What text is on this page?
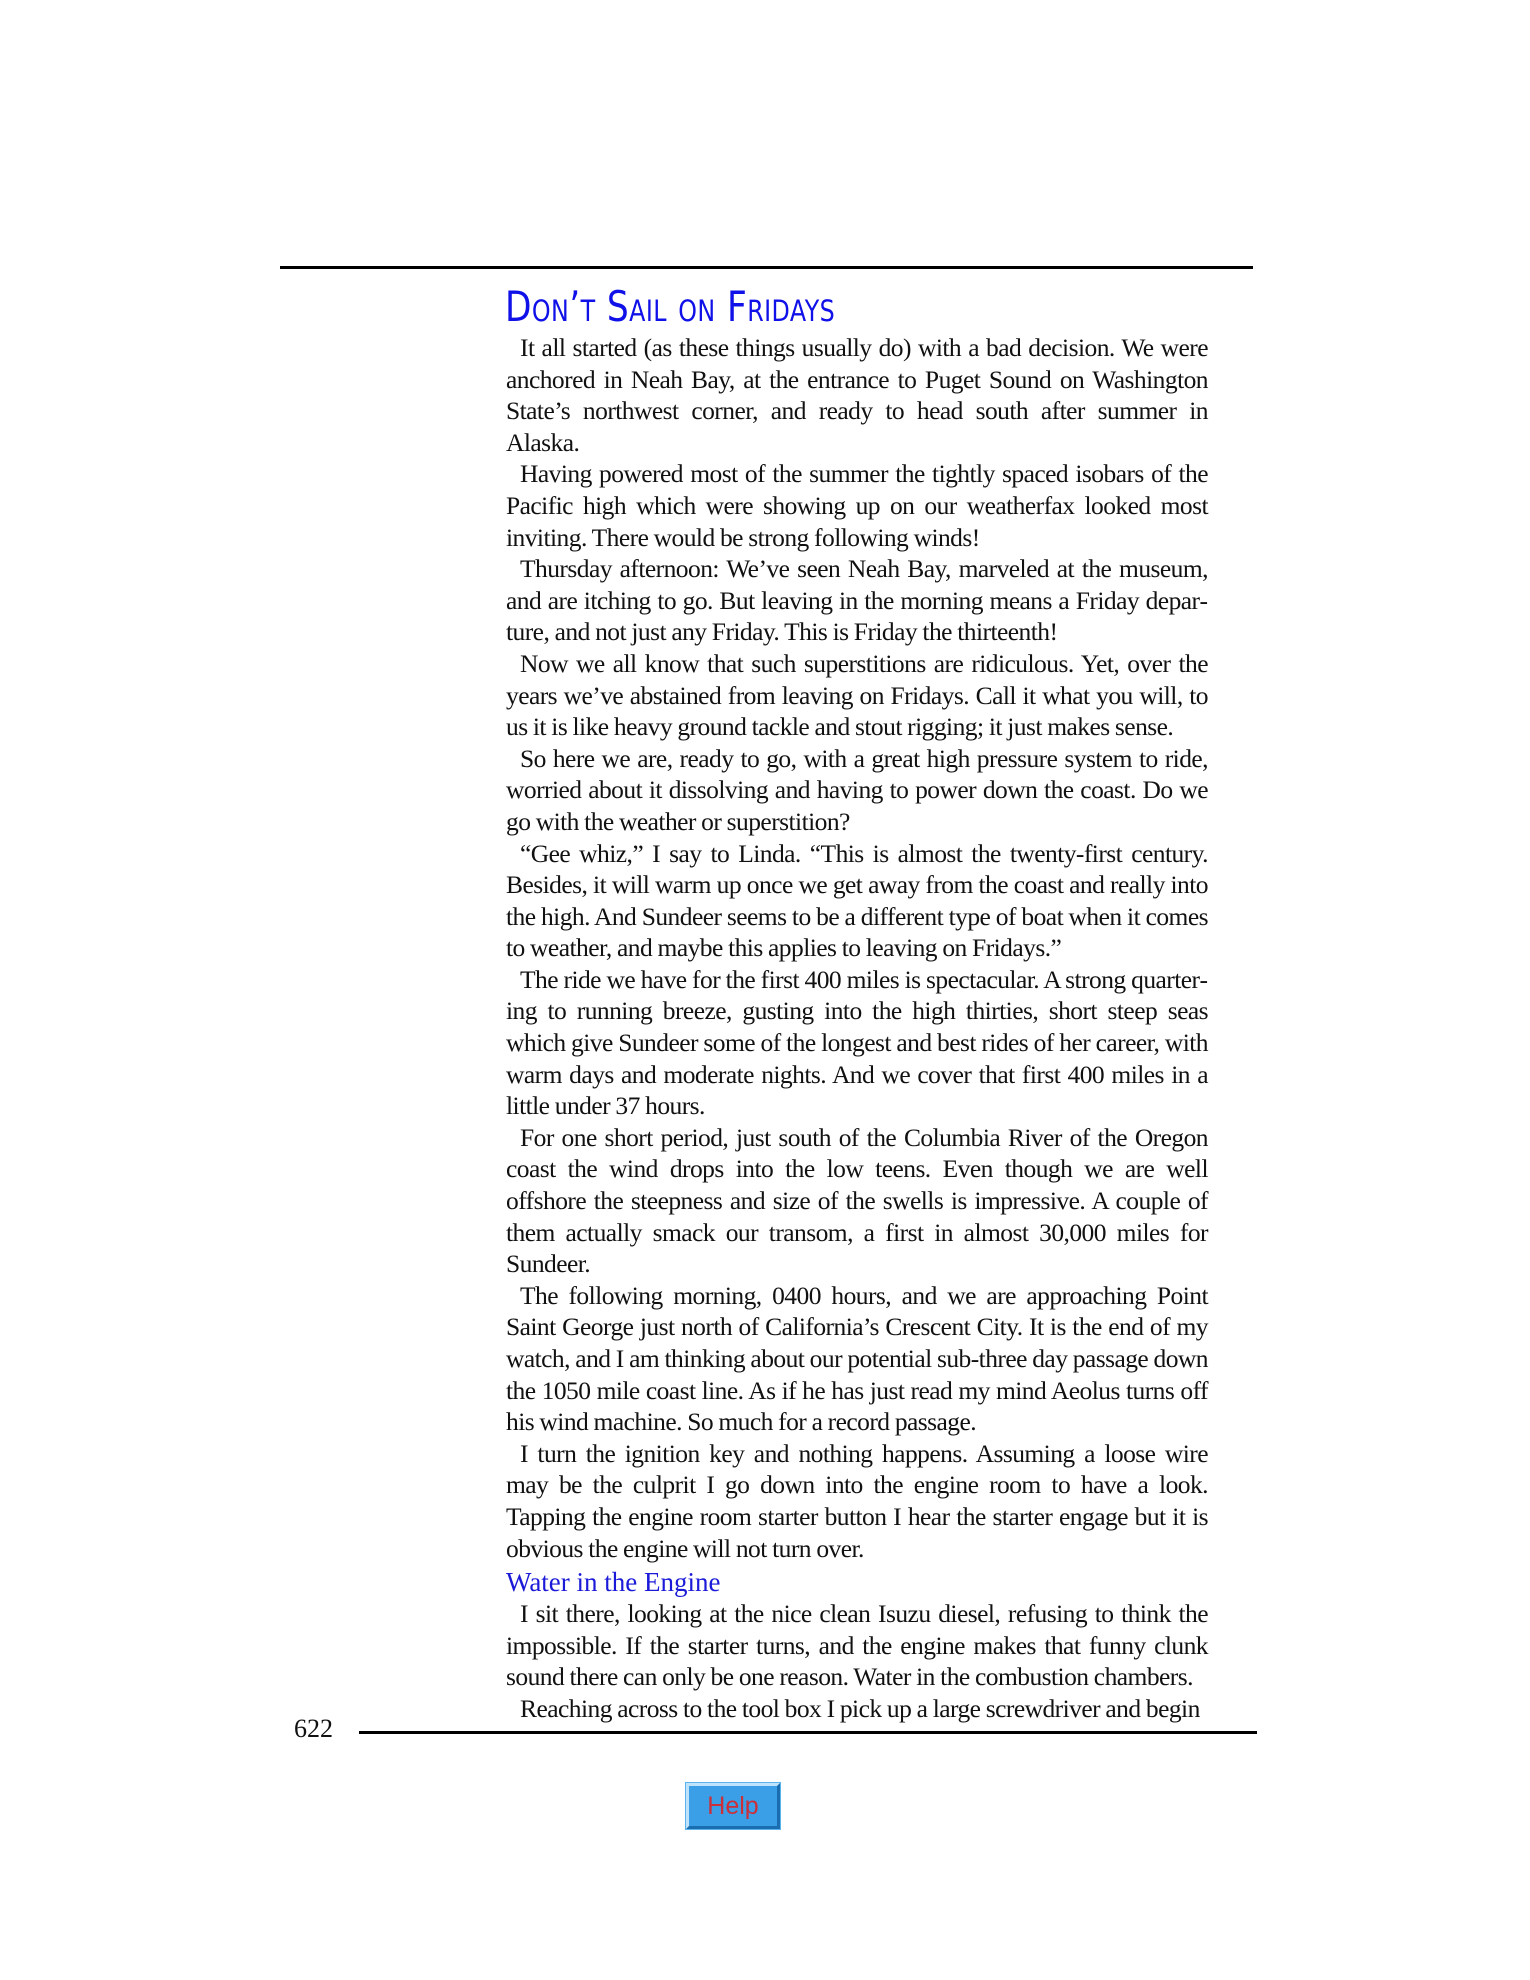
Don’t Sail on Fridays

It all started (as these things usually do) with a bad decision. We were anchored in Neah Bay, at the entrance to Puget Sound on Washington State’s northwest corner, and ready to head south after summer in Alaska.

Having powered most of the summer the tightly spaced isobars of the Pacific high which were showing up on our weatherfax looked most inviting. There would be strong following winds!

Thursday afternoon: We’ve seen Neah Bay, marveled at the museum, and are itching to go. But leaving in the morning means a Friday departure, and not just any Friday. This is Friday the thirteenth!

Now we all know that such superstitions are ridiculous. Yet, over the years we’ve abstained from leaving on Fridays. Call it what you will, to us it is like heavy ground tackle and stout rigging; it just makes sense.

So here we are, ready to go, with a great high pressure system to ride, worried about it dissolving and having to power down the coast. Do we go with the weather or superstition?

“Gee whiz,” I say to Linda. “This is almost the twenty-first century. Besides, it will warm up once we get away from the coast and really into the high. And Sundeer seems to be a different type of boat when it comes to weather, and maybe this applies to leaving on Fridays.”

The ride we have for the first 400 miles is spectacular. A strong quartering to running breeze, gusting into the high thirties, short steep seas which give Sundeer some of the longest and best rides of her career, with warm days and moderate nights. And we cover that first 400 miles in a little under 37 hours.

For one short period, just south of the Columbia River of the Oregon coast the wind drops into the low teens. Even though we are well offshore the steepness and size of the swells is impressive. A couple of them actually smack our transom, a first in almost 30,000 miles for Sundeer.

The following morning, 0400 hours, and we are approaching Point Saint George just north of California’s Crescent City. It is the end of my watch, and I am thinking about our potential sub-three day passage down the 1050 mile coast line. As if he has just read my mind Aeolus turns off his wind machine. So much for a record passage.

I turn the ignition key and nothing happens. Assuming a loose wire may be the culprit I go down into the engine room to have a look. Tapping the engine room starter button I hear the starter engage but it is obvious the engine will not turn over.

Water in the Engine

I sit there, looking at the nice clean Isuzu diesel, refusing to think the impossible. If the starter turns, and the engine makes that funny clunk sound there can only be one reason. Water in the combustion chambers.

Reaching across to the tool box I pick up a large screwdriver and begin

622
Help
